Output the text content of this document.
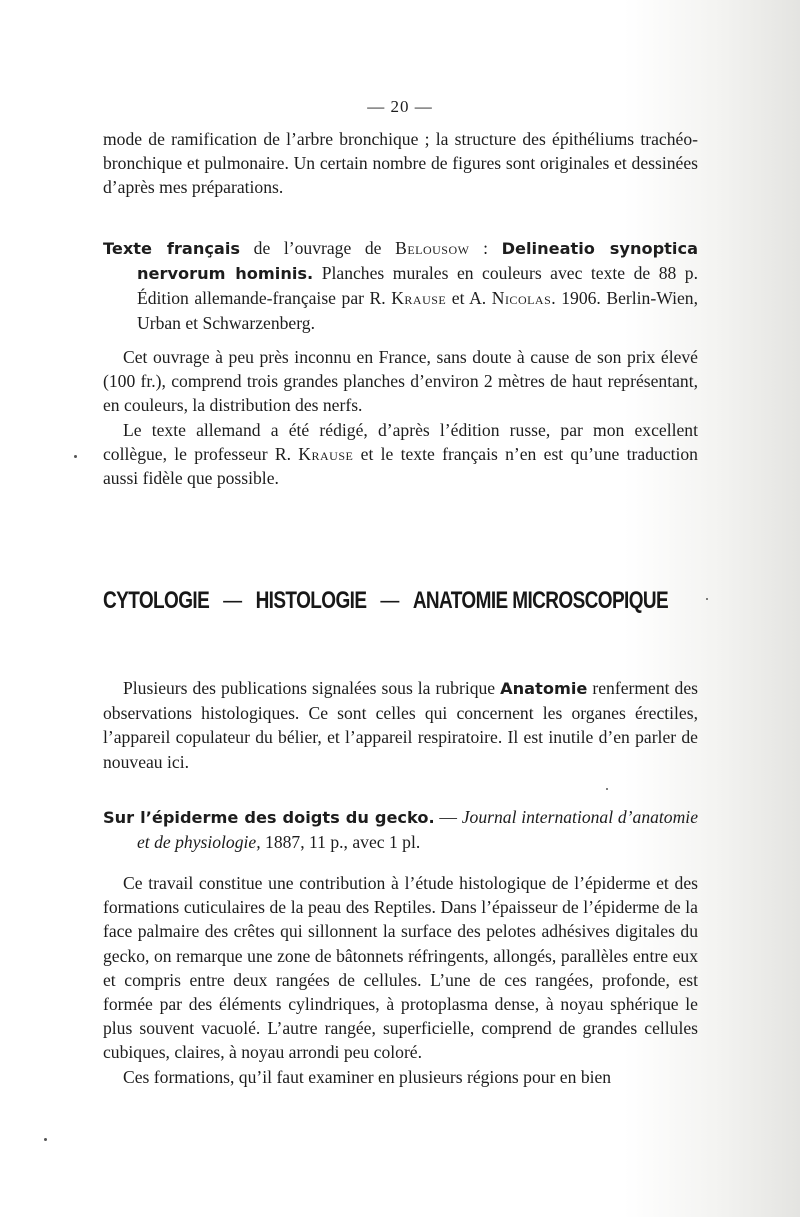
— 20 —

mode de ramification de l’arbre bronchique ; la structure des épithéliums trachéo-bronchique et pulmonaire. Un certain nombre de figures sont originales et dessinées d’après mes préparations.

Texte français de l’ouvrage de Belousow : Delineatio synoptica nervorum hominis. Planches murales en couleurs avec texte de 88 p. Édition allemande-française par R. Krause et A. Nicolas. 1906. Berlin-Wien, Urban et Schwarzenberg.

Cet ouvrage à peu près inconnu en France, sans doute à cause de son prix élevé (100 fr.), comprend trois grandes planches d’environ 2 mètres de haut représentant, en couleurs, la distribution des nerfs.

Le texte allemand a été rédigé, d’après l’édition russe, par mon excellent collègue, le professeur R. Krause et le texte français n’en est qu’une traduction aussi fidèle que possible.

CYTOLOGIE — HISTOLOGIE — ANATOMIE MICROSCOPIQUE

Plusieurs des publications signalées sous la rubrique Anatomie renferment des observations histologiques. Ce sont celles qui concernent les organes érectiles, l’appareil copulateur du bélier, et l’appareil respiratoire. Il est inutile d’en parler de nouveau ici.

Sur l’épiderme des doigts du gecko. — Journal international d’anatomie et de physiologie, 1887, 11 p., avec 1 pl.

Ce travail constitue une contribution à l’étude histologique de l’épiderme et des formations cuticulaires de la peau des Reptiles. Dans l’épaisseur de l’épiderme de la face palmaire des crêtes qui sillonnent la surface des pelotes adhésives digitales du gecko, on remarque une zone de bâtonnets réfringents, allongés, parallèles entre eux et compris entre deux rangées de cellules. L’une de ces rangées, profonde, est formée par des éléments cylindriques, à protoplasma dense, à noyau sphérique le plus souvent vacuolé. L’autre rangée, superficielle, comprend de grandes cellules cubiques, claires, à noyau arrondi peu coloré.

Ces formations, qu’il faut examiner en plusieurs régions pour en bien
